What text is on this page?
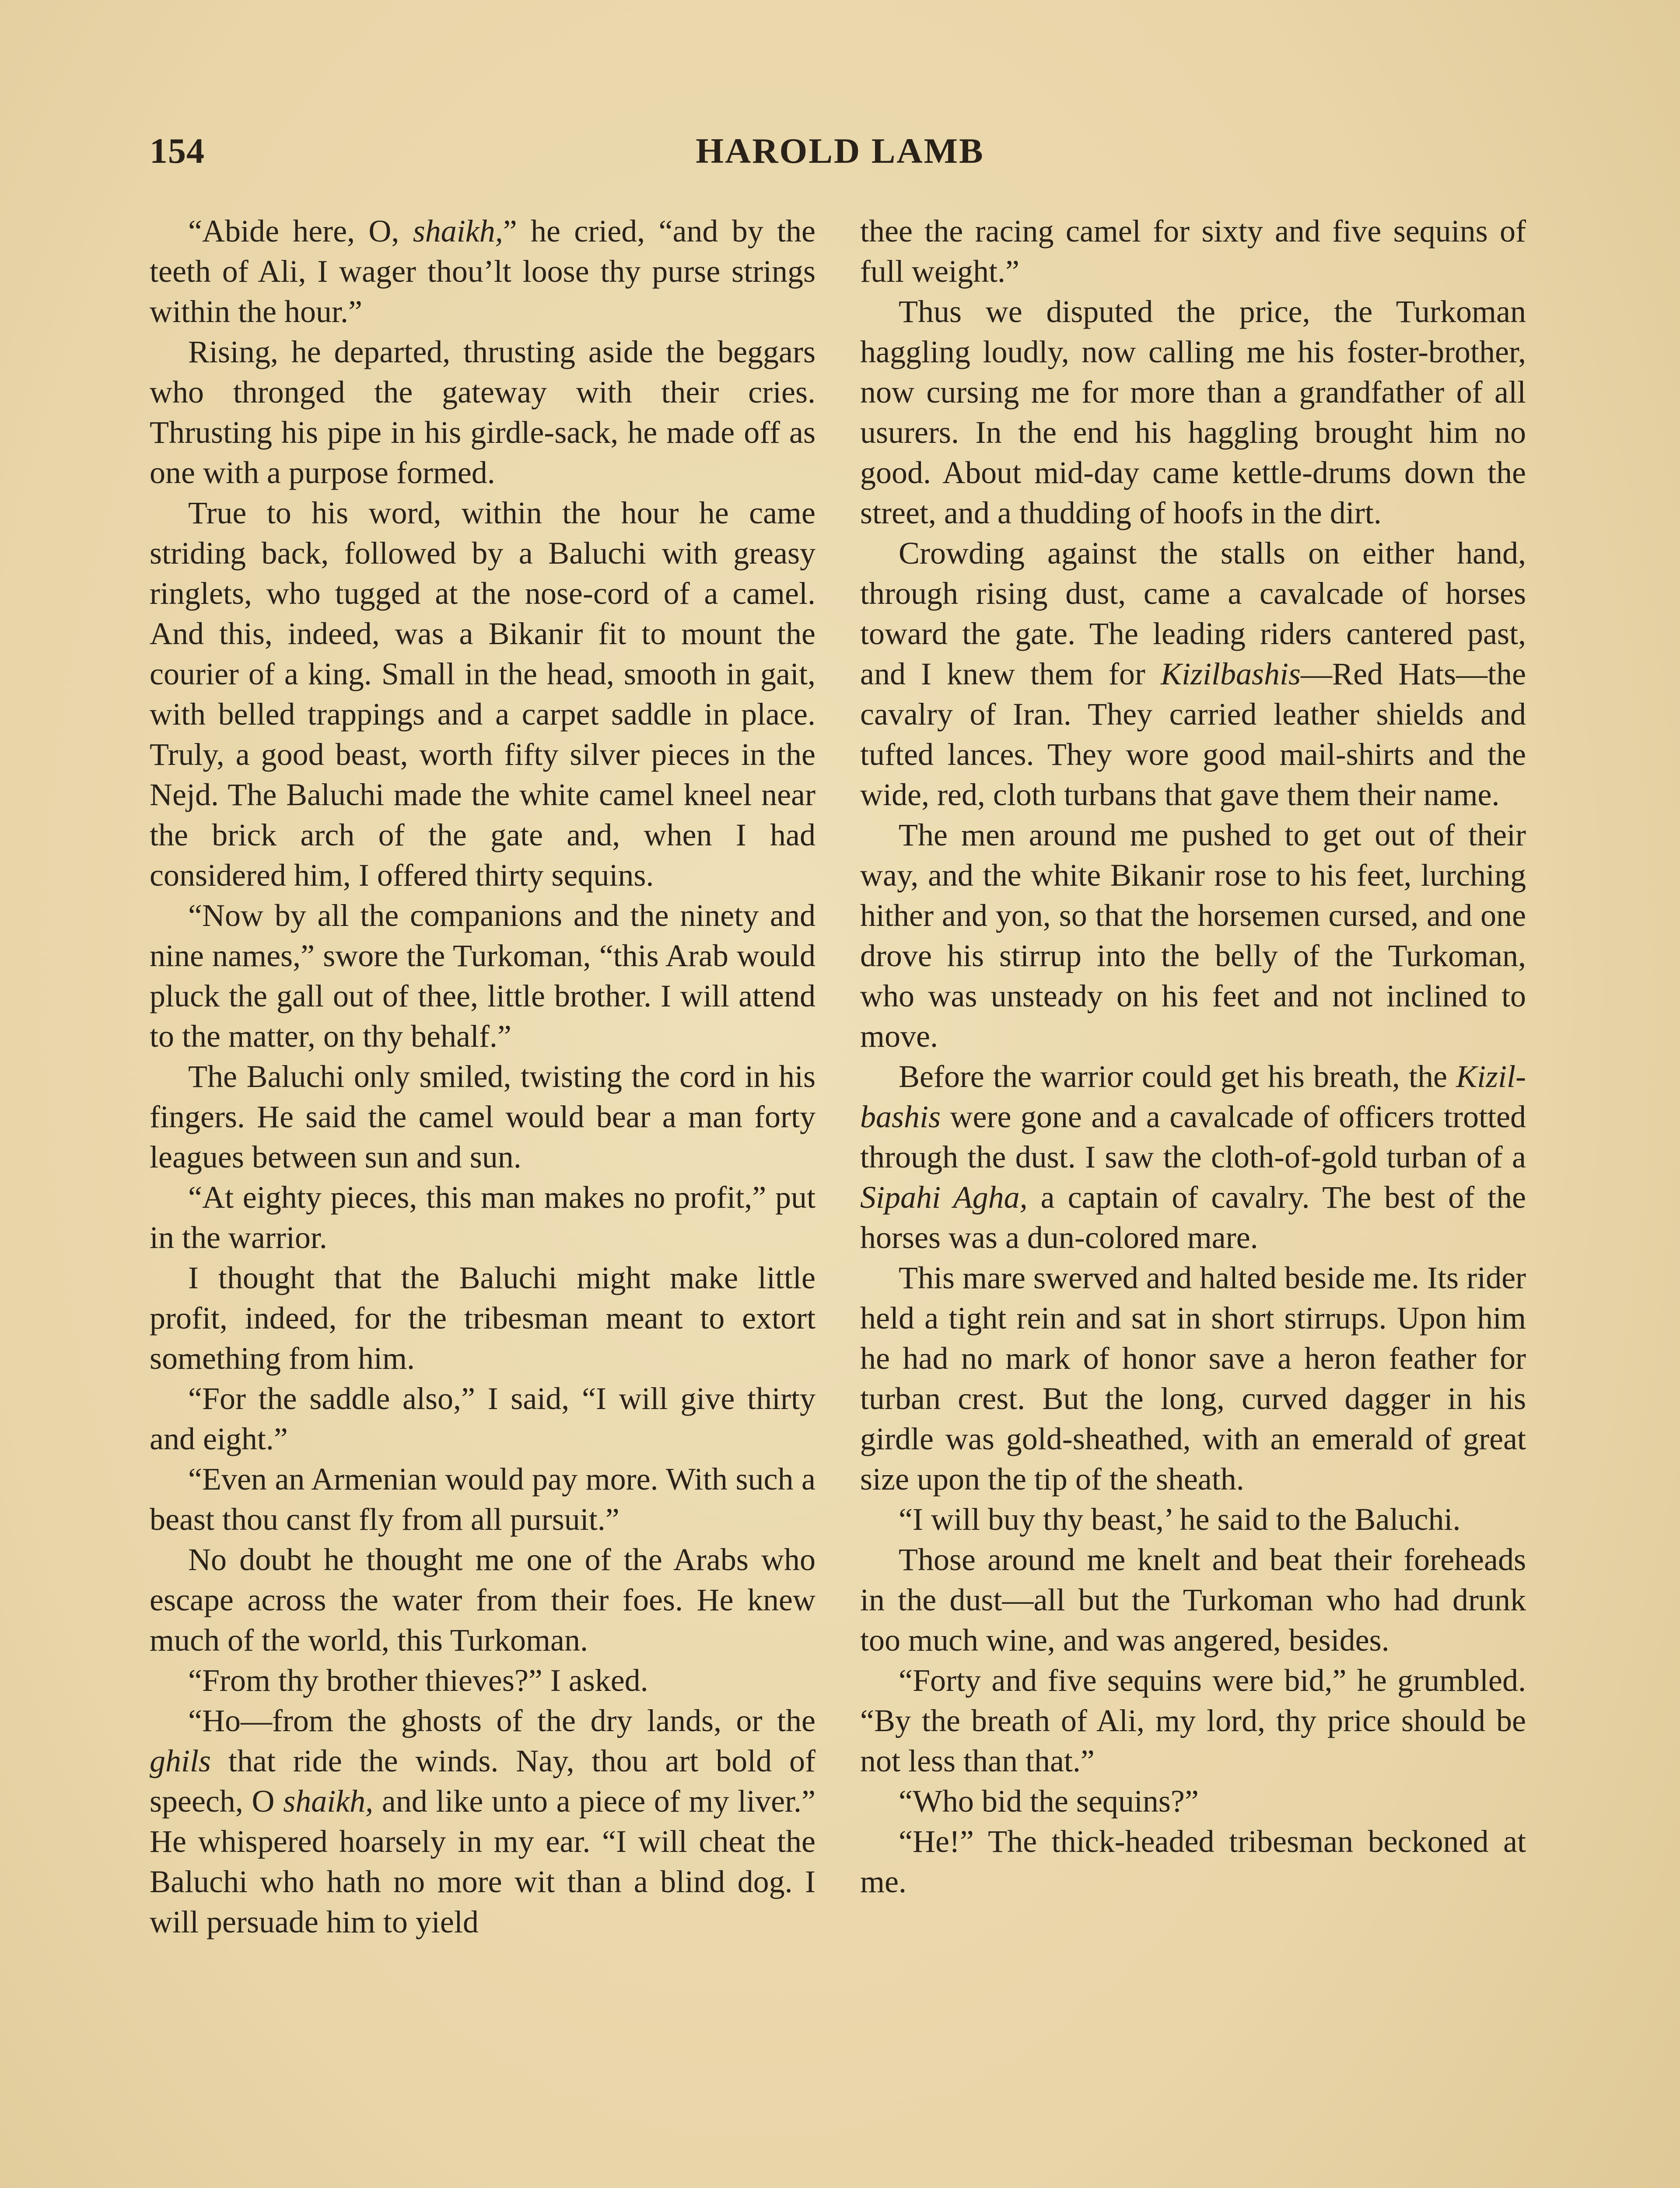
154	HAROLD LAMB

“Abide here, O, shaikh,” he cried, “and by the teeth of Ali, I wager thou’lt loose thy purse strings within the hour.”

Rising, he departed, thrusting aside the beggars who thronged the gateway with their cries. Thrusting his pipe in his girdle-sack, he made off as one with a purpose formed.

True to his word, within the hour he came striding back, followed by a Baluchi with greasy ringlets, who tugged at the nose-cord of a camel. And this, indeed, was a Bikanir fit to mount the courier of a king. Small in the head, smooth in gait, with belled trappings and a carpet saddle in place. Truly, a good beast, worth fifty silver pieces in the Nejd. The Baluchi made the white camel kneel near the brick arch of the gate and, when I had considered him, I offered thirty sequins.

“Now by all the companions and the ninety and nine names,” swore the Turkoman, “this Arab would pluck the gall out of thee, little brother. I will attend to the matter, on thy behalf.”

The Baluchi only smiled, twisting the cord in his fingers. He said the camel would bear a man forty leagues between sun and sun.

“At eighty pieces, this man makes no profit,” put in the warrior.

I thought that the Baluchi might make little profit, indeed, for the tribesman meant to extort something from him.

“For the saddle also,” I said, “I will give thirty and eight.”

“Even an Armenian would pay more. With such a beast thou canst fly from all pursuit.”

No doubt he thought me one of the Arabs who escape across the water from their foes. He knew much of the world, this Turkoman.

“From thy brother thieves?” I asked.

“Ho—from the ghosts of the dry lands, or the ghils that ride the winds. Nay, thou art bold of speech, O shaikh, and like unto a piece of my liver.” He whispered hoarsely in my ear. “I will cheat the Baluchi who hath no more wit than a blind dog. I will persuade him to yield

thee the racing camel for sixty and five sequins of full weight.”

Thus we disputed the price, the Turkoman haggling loudly, now calling me his foster-brother, now cursing me for more than a grandfather of all usurers. In the end his haggling brought him no good. About mid-day came kettle-drums down the street, and a thudding of hoofs in the dirt.

Crowding against the stalls on either hand, through rising dust, came a cavalcade of horses toward the gate. The leading riders cantered past, and I knew them for Kizilbashis—Red Hats—the cavalry of Iran. They carried leather shields and tufted lances. They wore good mail-shirts and the wide, red, cloth turbans that gave them their name.

The men around me pushed to get out of their way, and the white Bikanir rose to his feet, lurching hither and yon, so that the horsemen cursed, and one drove his stirrup into the belly of the Turkoman, who was unsteady on his feet and not inclined to move.

Before the warrior could get his breath, the Kizil-bashis were gone and a cavalcade of officers trotted through the dust. I saw the cloth-of-gold turban of a Sipahi Agha, a captain of cavalry. The best of the horses was a dun-colored mare.

This mare swerved and halted beside me. Its rider held a tight rein and sat in short stirrups. Upon him he had no mark of honor save a heron feather for turban crest. But the long, curved dagger in his girdle was gold-sheathed, with an emerald of great size upon the tip of the sheath.

“I will buy thy beast,’ he said to the Baluchi.

Those around me knelt and beat their foreheads in the dust—all but the Turkoman who had drunk too much wine, and was angered, besides.

“Forty and five sequins were bid,” he grumbled. “By the breath of Ali, my lord, thy price should be not less than that.”

“Who bid the sequins?”

“He!” The thick-headed tribesman beckoned at me.
